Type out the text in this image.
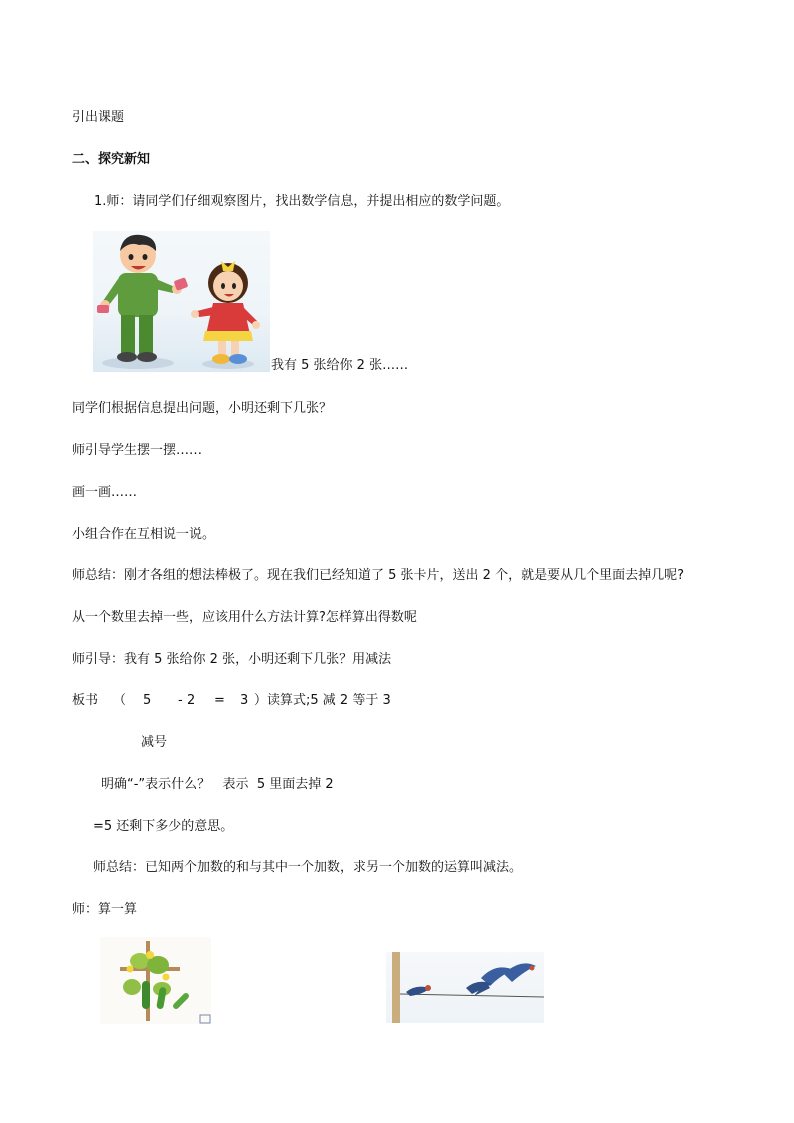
引出课题
二、探究新知
1.师：请同学们仔细观察图片，找出数学信息，并提出相应的数学问题。
我有 5 张给你 2 张……
同学们根据信息提出问题，小明还剩下几张？
师引导学生摆一摆……
画一画……
小组合作在互相说一说。
师总结：刚才各组的想法棒极了。现在我们已经知道了 5 张卡片，送出 2 个，就是要从几个里面去掉几呢?
从一个数里去掉一些，应该用什么方法计算?怎样算出得数呢
师引导：我有 5 张给你 2 张，小明还剩下几张？用减法
板书 （ 5 - 2 = 3 ） 读算式;5 减 2 等于 3
减号
明确“-”表示什么？   表示  5 里面去掉 2
=5 还剩下多少的意思。
师总结：已知两个加数的和与其中一个加数，求另一个加数的运算叫减法。
师：算一算
